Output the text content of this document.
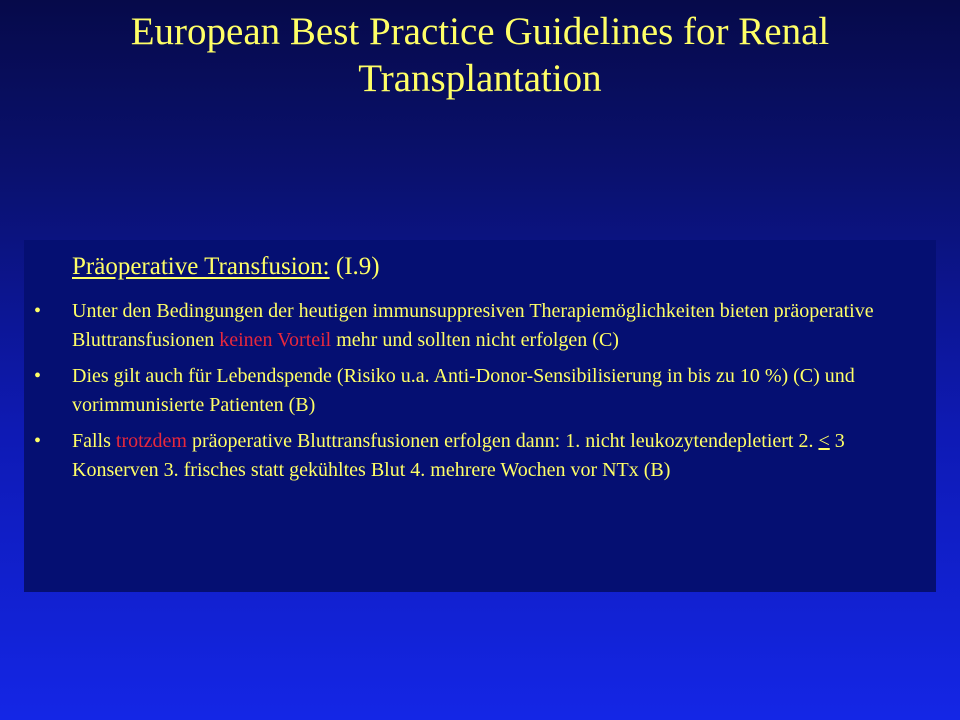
European Best Practice Guidelines for Renal Transplantation
Präoperative Transfusion: (I.9)
•	Unter den Bedingungen der heutigen immunsuppresiven Therapiemöglichkeiten bieten präoperative Bluttransfusionen keinen Vorteil mehr und sollten nicht erfolgen (C)
•	Dies gilt auch für Lebendspende (Risiko u.a. Anti-Donor-Sensibilisierung in bis zu 10 %) (C) und vorimmunisierte Patienten (B)
•	Falls trotzdem präoperative Bluttransfusionen erfolgen dann: 1. nicht leukozytendepletiert 2. < 3 Konserven 3. frisches statt gekühltes Blut 4. mehrere Wochen vor NTx (B)
